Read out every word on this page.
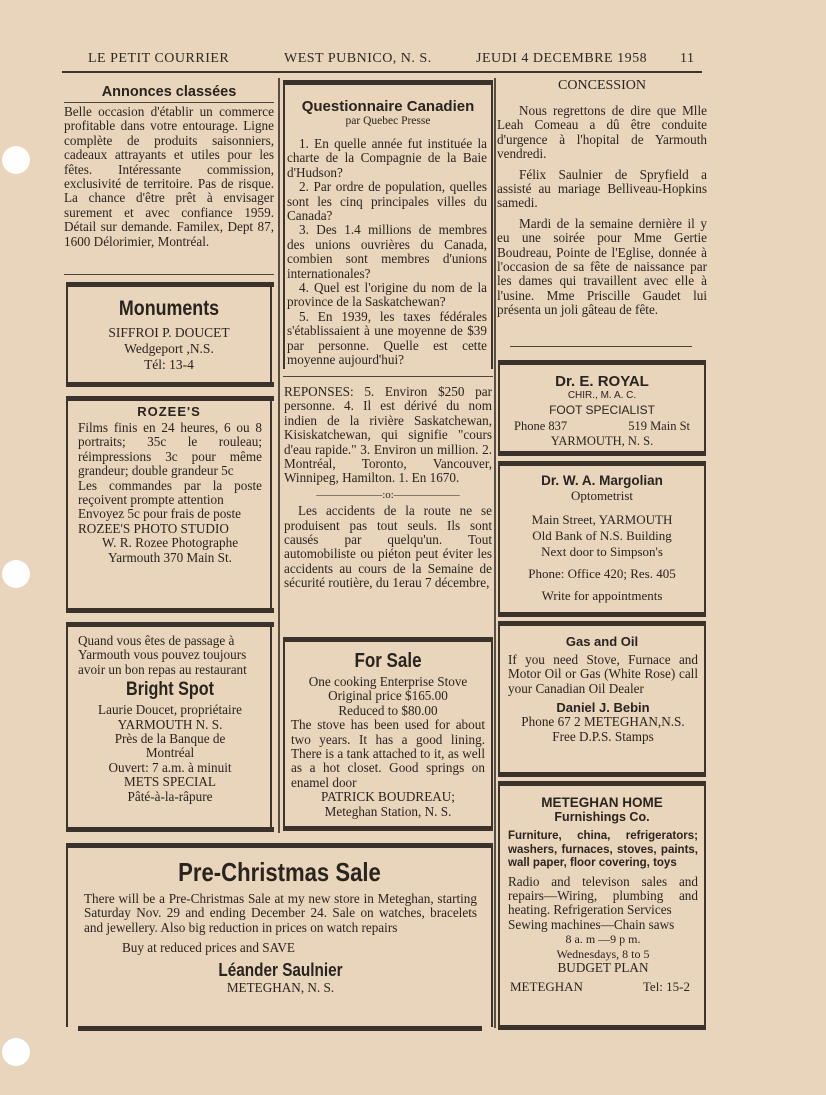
LE PETIT COURRIER	WEST PUBNICO, N. S.	JEUDI 4 DECEMBRE 1958 11
Annonces classées

Belle occasion d'établir un commerce profitable dans votre entourage. Ligne complète de produits saisonniers, cadeaux attrayants et utiles pour les fêtes. Intéressante commission, exclusivité de territoire. Pas de risque. La chance d'être prêt à envisager surement et avec confiance 1959. Détail sur demande. Familex, Dept 87, 1600 Délorimier, Montréal.

Monuments
SIFFROI P. DOUCET
Wedgeport ,N.S.
Tél: 13-4
ROZEE'S

Films finis en 24 heures, 6 ou 8 portraits; 35c le rouleau; réimpressions 3c pour même grandeur; double grandeur 5c

Les commandes par la poste reçoivent prompte attention

Envoyez 5c pour frais de poste

ROZEE'S PHOTO STUDIO

W. R. Rozee Photographe

Yarmouth 370 Main St.

Quand vous êtes de passage à Yarmouth vous pouvez toujours avoir un bon repas au restaurant

Bright Spot

Laurie Doucet, propriétaire

YARMOUTH N. S.

Près de la Banque de

Montréal

Ouvert: 7 a.m. à minuit

METS SPECIAL

Pâté-à-la-râpure

Questionnaire Canadien
par Quebec Presse

1. En quelle année fut instituée la charte de la Compagnie de la Baie d'Hudson?

2. Par ordre de population, quelles sont les cinq principales villes du Canada?

3. Des 1.4 millions de membres des unions ouvrières du Canada, combien sont membres d'unions internationales?

4. Quel est l'origine du nom de la province de la Saskatchewan?

5. En 1939, les taxes fédérales s'établissaient à une moyenne de $39 par personne. Quelle est cette moyenne aujourd'hui?

REPONSES: 5. Environ $250 par personne. 4. Il est dérivé du nom indien de la rivière Saskatchewan, Kisiskatchewan, qui signifie "cours d'eau rapide." 3. Environ un million. 2. Montréal, Toronto, Vancouver, Winnipeg, Hamilton. 1. En 1670.

——————:o:——————

Les accidents de la route ne se produisent pas tout seuls. Ils sont causés par quelqu'un. Tout automobiliste ou piéton peut éviter les accidents au cours de la Semaine de sécurité routière, du 1erau 7 décembre,

For Sale

One cooking Enterprise Stove

Original price $165.00

Reduced to $80.00

The stove has been used for about two years. It has a good lining. There is a tank attached to it, as well as a hot closet. Good springs on enamel door

PATRICK BOUDREAU;

Meteghan Station, N. S.

CONCESSION

Nous regrettons de dire que Mlle Leah Comeau a dû être conduite d'urgence à l'hopital de Yarmouth vendredi.

Félix Saulnier de Spryfield a assisté au mariage Belliveau-Hopkins samedi.

Mardi de la semaine dernière il y eu une soirée pour Mme Gertie Boudreau, Pointe de l'Eglise, donnée à l'occasion de sa fête de naissance par les dames qui travaillent avec elle à l'usine. Mme Priscille Gaudet lui présenta un joli gâteau de fête.

Dr. E. ROYAL
CHIR., M. A. C.
FOOT SPECIALIST
Phone 837	519 Main St
YARMOUTH, N. S.
Dr. W. A. Margolian
Optometrist
Main Street, YARMOUTH
Old Bank of N.S. Building
Next door to Simpson's
Phone: Office 420; Res. 405
Write for appointments
Gas and Oil

If you need Stove, Furnace and Motor Oil or Gas (White Rose) call your Canadian Oil Dealer

Daniel J. Bebin

Phone 67 2 METEGHAN,N.S.

Free D.P.S. Stamps

METEGHAN HOME
Furnishings Co.

Furniture, china, refrigerators; washers, furnaces, stoves, paints, wall paper, floor covering, toys

Radio and televison sales and repairs—Wiring, plumbing and heating. Refrigeration Services

Sewing machines—Chain saws

8 a. m —9 p m.

Wednesdays, 8 to 5

BUDGET PLAN

METEGHAN	Tel: 15-2
Pre-Christmas Sale

There will be a Pre-Christmas Sale at my new store in Meteghan, starting Saturday Nov. 29 and ending December 24. Sale on watches, bracelets and jewellery. Also big reduction in prices on watch repairs

Buy at reduced prices and SAVE

Léander Saulnier

METEGHAN, N. S.
